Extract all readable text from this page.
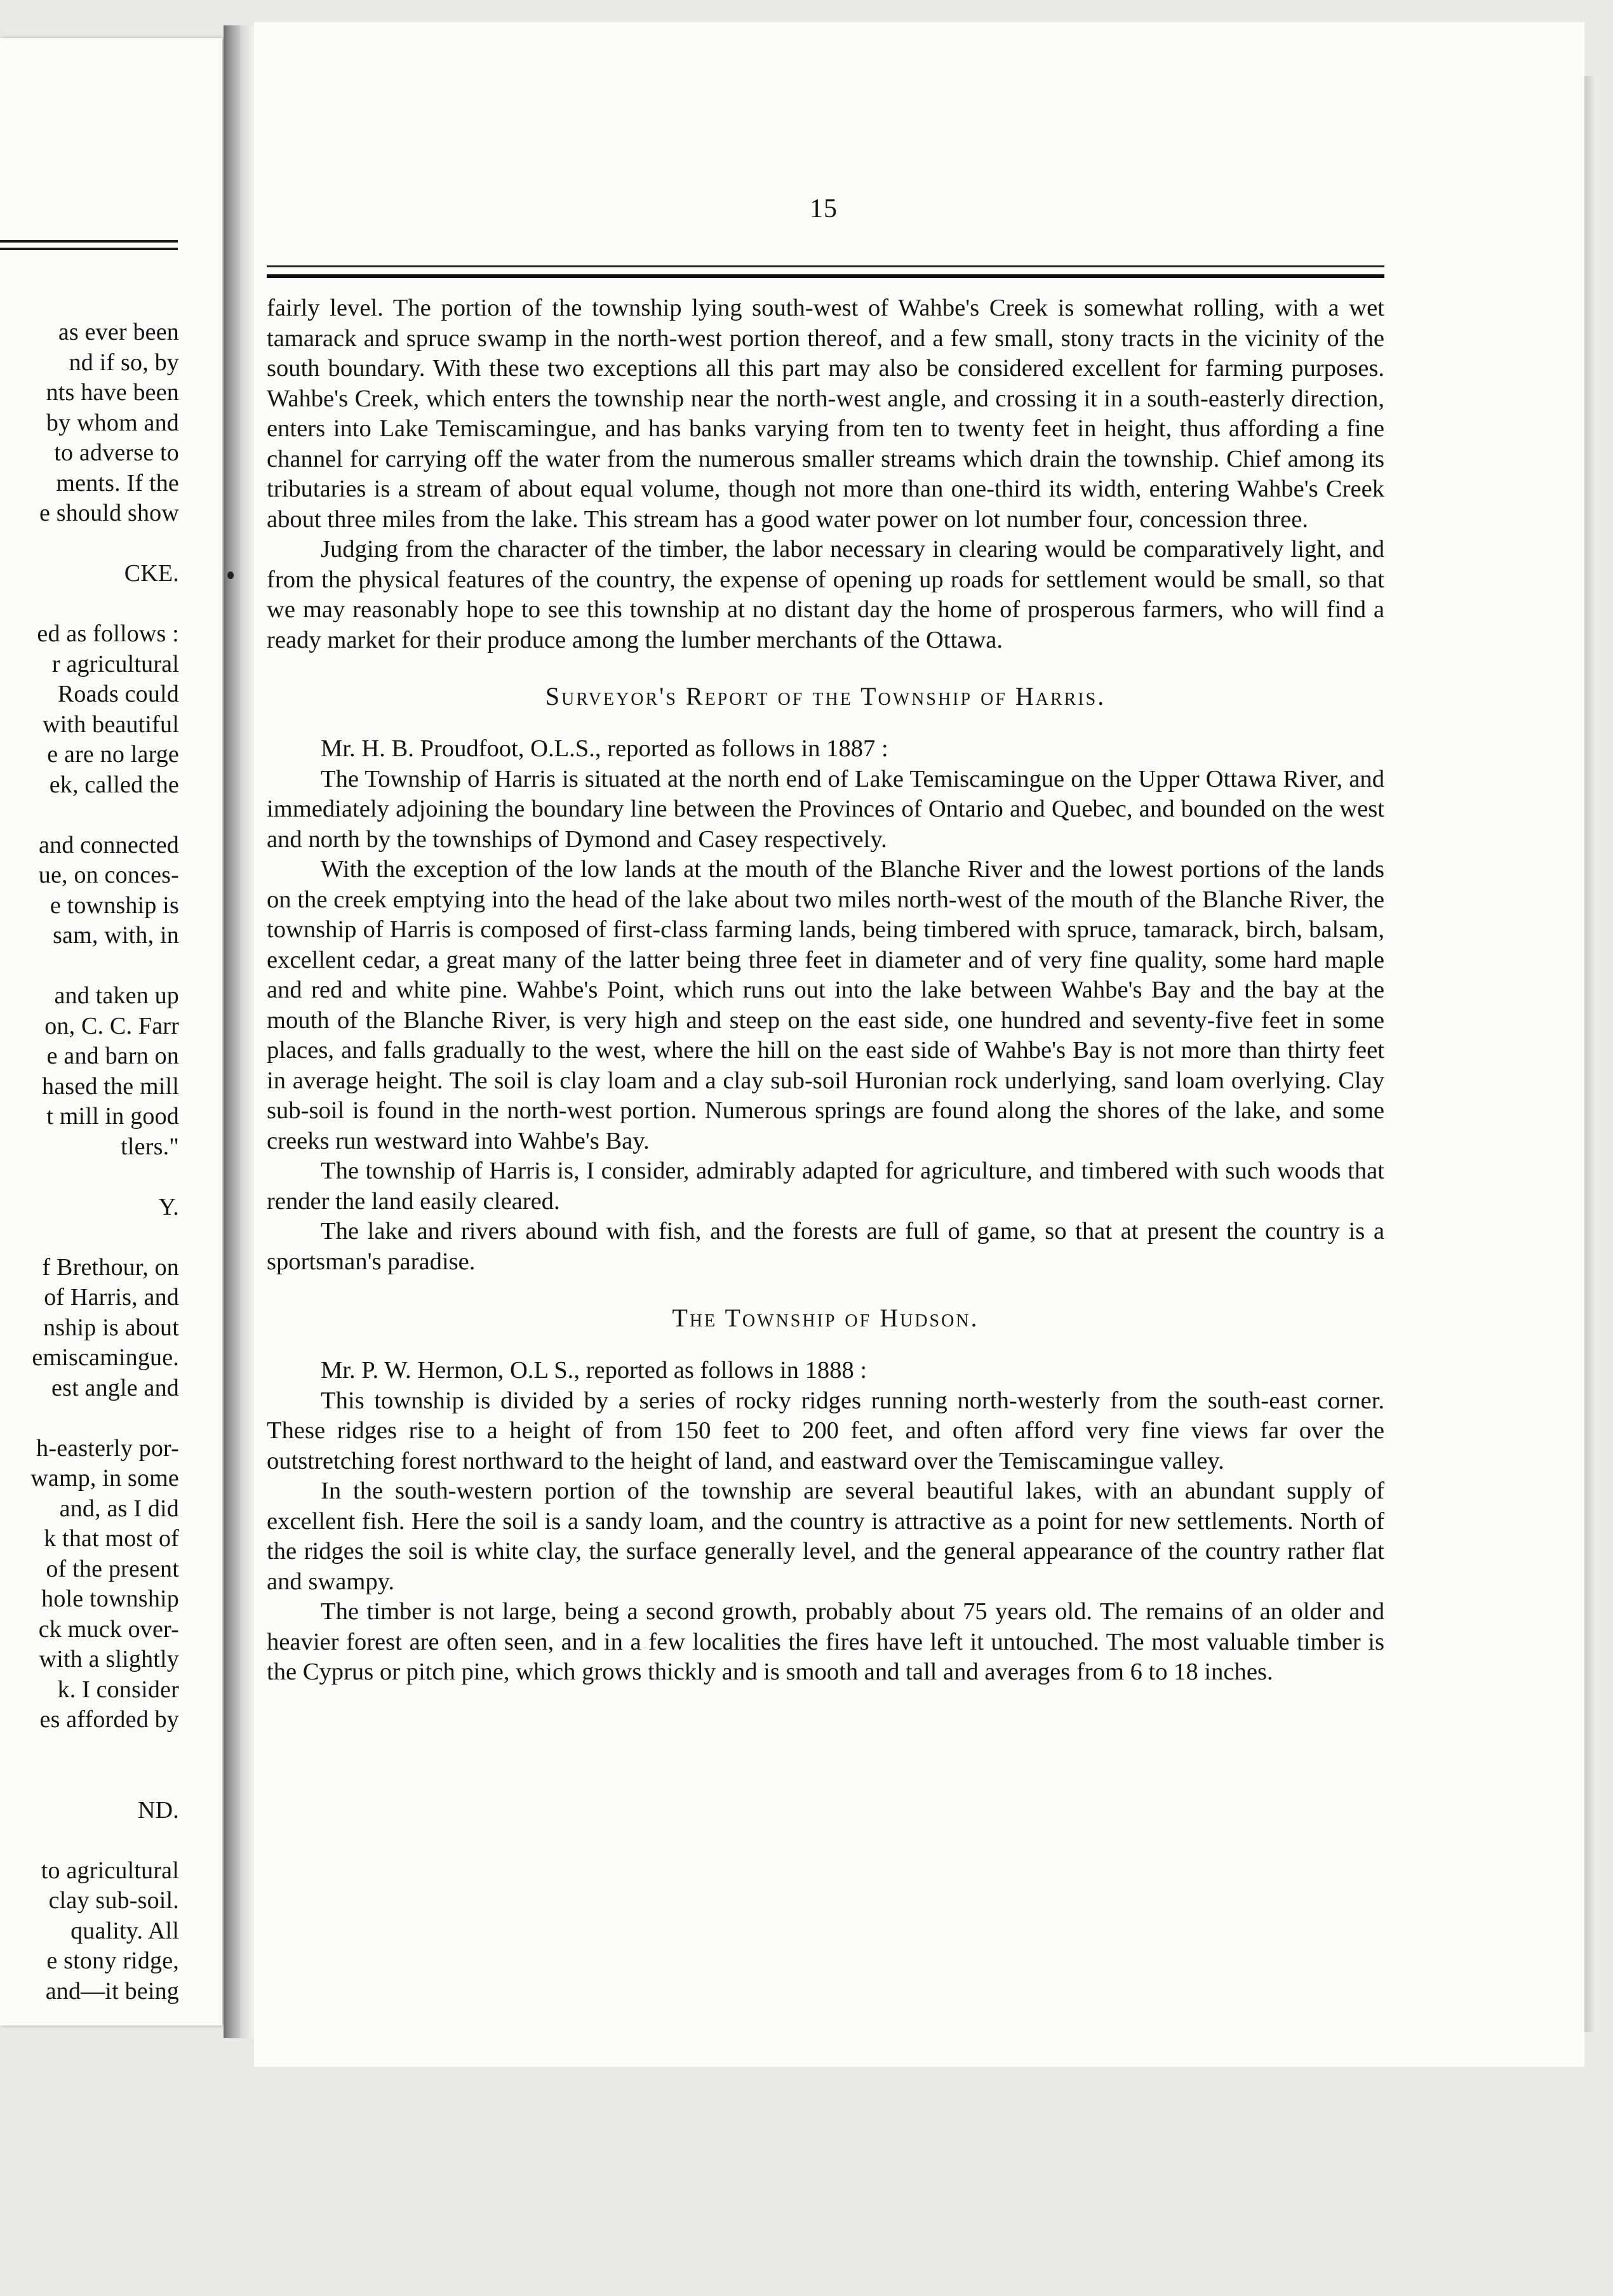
as ever been
nd if so, by
nts have been
by whom and
to adverse to
ments. If the
e should show
CKE.
ed as follows :
r agricultural
Roads could
with beautiful
e are no large
ek, called the
and connected
ue, on conces-
e township is
sam, with, in
and taken up
on, C. C. Farr
e and barn on
hased the mill
t mill in good
tlers."
Y.
f Brethour, on
of Harris, and
nship is about
emiscamingue.
est angle and
h-easterly por-
wamp, in some
and, as I did
k that most of
of the present
hole township
ck muck over-
with a slightly
k. I consider
es afforded by
ND.
to agricultural
clay sub-soil.
quality. All
e stony ridge,
and—it being
15

fairly level. The portion of the township lying south-west of Wahbe's Creek is somewhat rolling, with a wet tamarack and spruce swamp in the north-west portion thereof, and a few small, stony tracts in the vicinity of the south boundary. With these two exceptions all this part may also be considered excellent for farming purposes. Wahbe's Creek, which enters the township near the north-west angle, and crossing it in a south-easterly direction, enters into Lake Temiscamingue, and has banks varying from ten to twenty feet in height, thus affording a fine channel for carrying off the water from the numerous smaller streams which drain the township. Chief among its tributaries is a stream of about equal volume, though not more than one-third its width, entering Wahbe's Creek about three miles from the lake. This stream has a good water power on lot number four, concession three.

Judging from the character of the timber, the labor necessary in clearing would be comparatively light, and from the physical features of the country, the expense of opening up roads for settlement would be small, so that we may reasonably hope to see this township at no distant day the home of prosperous farmers, who will find a ready market for their produce among the lumber merchants of the Ottawa.

Surveyor's Report of the Township of Harris.

Mr. H. B. Proudfoot, O.L.S., reported as follows in 1887 :

The Township of Harris is situated at the north end of Lake Temiscamingue on the Upper Ottawa River, and immediately adjoining the boundary line between the Provinces of Ontario and Quebec, and bounded on the west and north by the townships of Dymond and Casey respectively.

With the exception of the low lands at the mouth of the Blanche River and the lowest portions of the lands on the creek emptying into the head of the lake about two miles north-west of the mouth of the Blanche River, the township of Harris is composed of first-class farming lands, being timbered with spruce, tamarack, birch, balsam, excellent cedar, a great many of the latter being three feet in diameter and of very fine quality, some hard maple and red and white pine. Wahbe's Point, which runs out into the lake between Wahbe's Bay and the bay at the mouth of the Blanche River, is very high and steep on the east side, one hundred and seventy-five feet in some places, and falls gradually to the west, where the hill on the east side of Wahbe's Bay is not more than thirty feet in average height. The soil is clay loam and a clay sub-soil Huronian rock underlying, sand loam overlying. Clay sub-soil is found in the north-west portion. Numerous springs are found along the shores of the lake, and some creeks run westward into Wahbe's Bay.

The township of Harris is, I consider, admirably adapted for agriculture, and timbered with such woods that render the land easily cleared.

The lake and rivers abound with fish, and the forests are full of game, so that at present the country is a sportsman's paradise.

The Township of Hudson.

Mr. P. W. Hermon, O.L S., reported as follows in 1888 :

This township is divided by a series of rocky ridges running north-westerly from the south-east corner. These ridges rise to a height of from 150 feet to 200 feet, and often afford very fine views far over the outstretching forest northward to the height of land, and eastward over the Temiscamingue valley.

In the south-western portion of the township are several beautiful lakes, with an abundant supply of excellent fish. Here the soil is a sandy loam, and the country is attractive as a point for new settlements. North of the ridges the soil is white clay, the surface generally level, and the general appearance of the country rather flat and swampy.

The timber is not large, being a second growth, probably about 75 years old. The remains of an older and heavier forest are often seen, and in a few localities the fires have left it untouched. The most valuable timber is the Cyprus or pitch pine, which grows thickly and is smooth and tall and averages from 6 to 18 inches.
